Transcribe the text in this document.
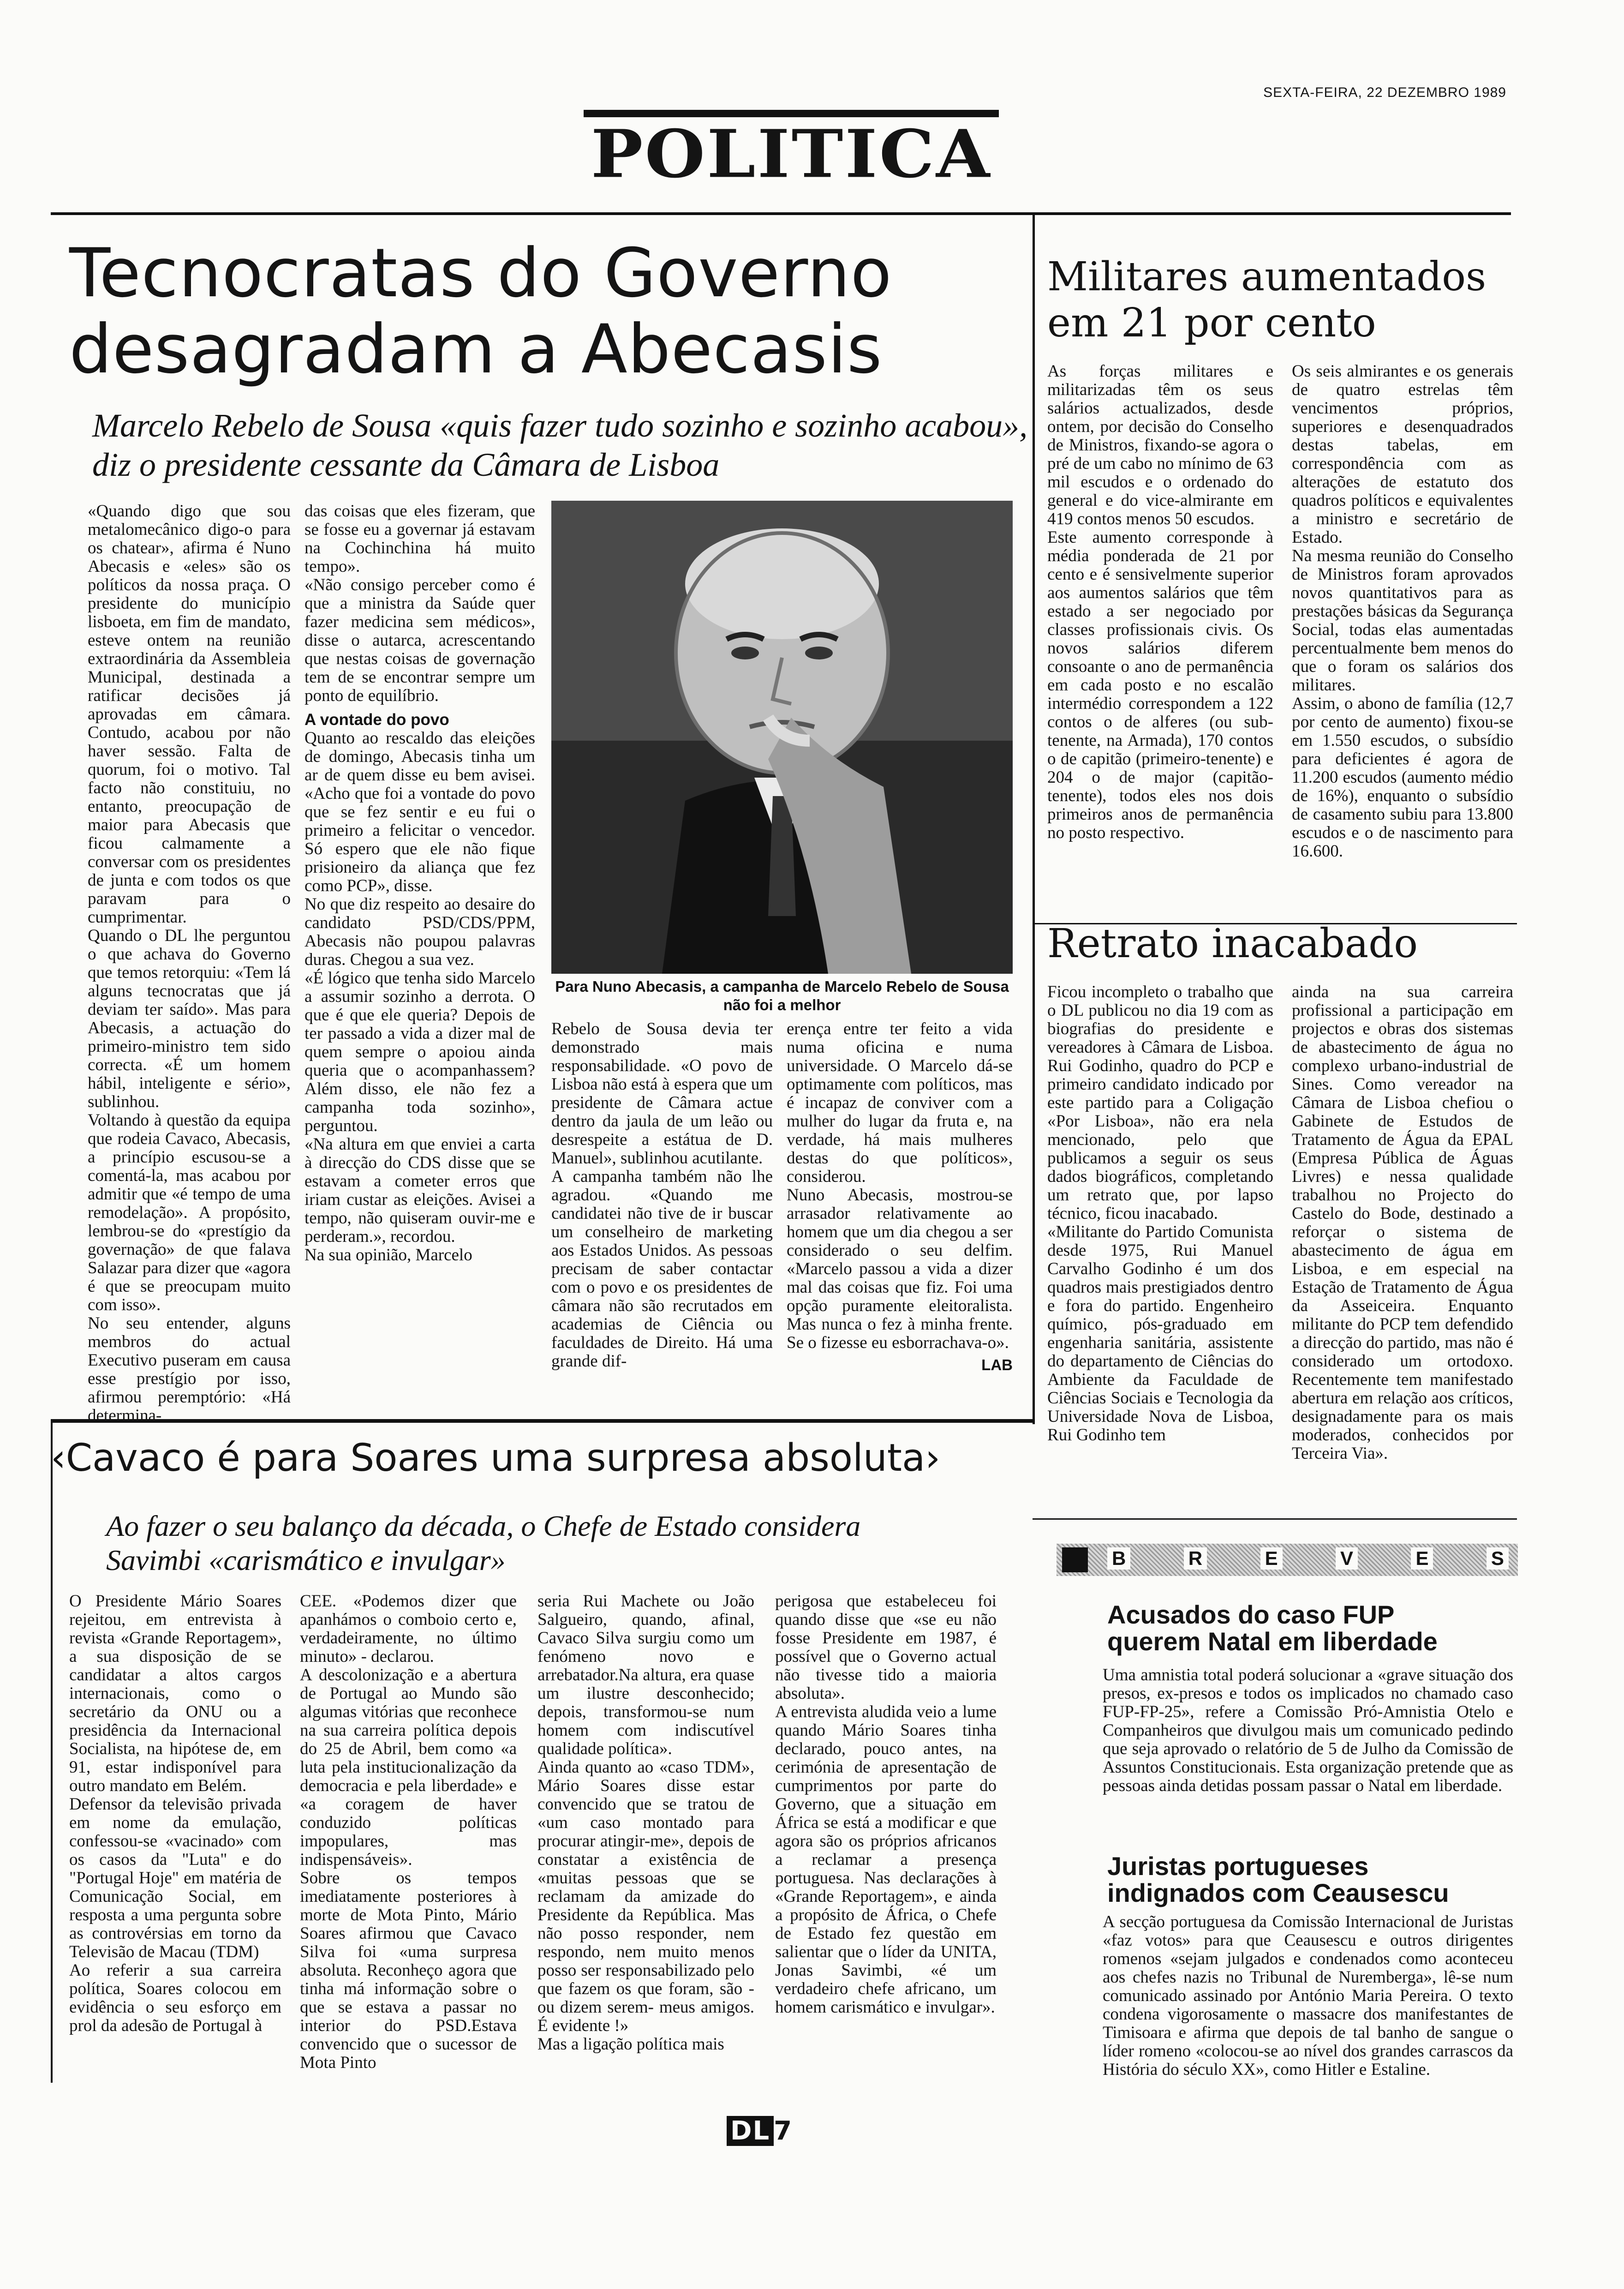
SEXTA-FEIRA, 22 DEZEMBRO 1989
POLITICA
Tecnocratas do Governo desagradam a Abecasis
Marcelo Rebelo de Sousa «quis fazer tudo sozinho e sozinho acabou», diz o presidente cessante da Câmara de Lisboa
«Quando digo que sou metalomecânico digo-o para os chatear», afirma é Nuno Abecasis e «eles» são os políticos da nossa praça. O presidente do município lisboeta, em fim de mandato, esteve ontem na reunião extraordinária da Assembleia Municipal, destinada a ratificar decisões já aprovadas em câmara. Contudo, acabou por não haver sessão. Falta de quorum, foi o motivo. Tal facto não constituiu, no entanto, preocupação de maior para Abecasis que ficou calmamente a conversar com os presidentes de junta e com todos os que paravam para o cumprimentar.
Quando o DL lhe perguntou o que achava do Governo que temos retorquiu: «Tem lá alguns tecnocratas que já deviam ter saído». Mas para Abecasis, a actuação do primeiro-ministro tem sido correcta. «É um homem hábil, inteligente e sério», sublinhou.
Voltando à questão da equipa que rodeia Cavaco, Abecasis, a princípio escusou-se a comentá-la, mas acabou por admitir que «é tempo de uma remodelação». A propósito, lembrou-se do «prestígio da governação» de que falava Salazar para dizer que «agora é que se preocupam muito com isso».
No seu entender, alguns membros do actual Executivo puseram em causa esse prestígio por isso, afirmou peremptório: «Há determina-
das coisas que eles fizeram, que se fosse eu a governar já estavam na Cochinchina há muito tempo».
«Não consigo perceber como é que a ministra da Saúde quer fazer medicina sem médicos», disse o autarca, acrescentando que nestas coisas de governação tem de se encontrar sempre um ponto de equilíbrio.
A vontade do povo
Quanto ao rescaldo das eleições de domingo, Abecasis tinha um ar de quem disse eu bem avisei. «Acho que foi a vontade do povo que se fez sentir e eu fui o primeiro a felicitar o vencedor. Só espero que ele não fique prisioneiro da aliança que fez como PCP», disse.
No que diz respeito ao desaire do candidato PSD/CDS/PPM, Abecasis não poupou palavras duras. Chegou a sua vez.
«É lógico que tenha sido Marcelo a assumir sozinho a derrota. O que é que ele queria? Depois de ter passado a vida a dizer mal de quem sempre o apoiou ainda queria que o acompanhassem? Além disso, ele não fez a campanha toda sozinho», perguntou.
«Na altura em que enviei a carta à direcção do CDS disse que se estavam a cometer erros que iriam custar as eleições. Avisei a tempo, não quiseram ouvir-me e perderam.», recordou.
Na sua opinião, Marcelo
Para Nuno Abecasis, a campanha de Marcelo Rebelo de Sousa não foi a melhor
Rebelo de Sousa devia ter demonstrado mais responsabilidade. «O povo de Lisboa não está à espera que um presidente de Câmara actue dentro da jaula de um leão ou desrespeite a estátua de D. Manuel», sublinhou acutilante.
A campanha também não lhe agradou. «Quando me candidatei não tive de ir buscar um conselheiro de marketing aos Estados Unidos. As pessoas precisam de saber contactar com o povo e os presidentes de câmara não são recrutados em academias de Ciência ou faculdades de Direito. Há uma grande dif-
erença entre ter feito a vida numa oficina e numa universidade. O Marcelo dá-se optimamente com políticos, mas é incapaz de conviver com a mulher do lugar da fruta e, na verdade, há mais mulheres destas do que políticos», considerou.
Nuno Abecasis, mostrou-se arrasador relativamente ao homem que um dia chegou a ser considerado o seu delfim. «Marcelo passou a vida a dizer mal das coisas que fiz. Foi uma opção puramente eleitoralista. Mas nunca o fez à minha frente. Se o fizesse eu esborrachava-o».
LAB
Militares aumentados em 21 por cento
As forças militares e militarizadas têm os seus salários actualizados, desde ontem, por decisão do Conselho de Ministros, fixando-se agora o pré de um cabo no mínimo de 63 mil escudos e o ordenado do general e do vice-almirante em 419 contos menos 50 escudos.
Este aumento corresponde à média ponderada de 21 por cento e é sensivelmente superior aos aumentos salários que têm estado a ser negociado por classes profissionais civis. Os novos salários diferem consoante o ano de permanência em cada posto e no escalão intermédio correspondem a 122 contos o de alferes (ou sub-tenente, na Armada), 170 contos o de capitão (primeiro-tenente) e 204 o de major (capitão-tenente), todos eles nos dois primeiros anos de permanência no posto respectivo.
Os seis almirantes e os generais de quatro estrelas têm vencimentos próprios, superiores e desenquadrados destas tabelas, em correspondência com as alterações de estatuto dos quadros políticos e equivalentes a ministro e secretário de Estado.
Na mesma reunião do Conselho de Ministros foram aprovados novos quantitativos para as prestações básicas da Segurança Social, todas elas aumentadas percentualmente bem menos do que o foram os salários dos militares.
Assim, o abono de família (12,7 por cento de aumento) fixou-se em 1.550 escudos, o subsídio para deficientes é agora de 11.200 escudos (aumento médio de 16%), enquanto o subsídio de casamento subiu para 13.800 escudos e o de nascimento para 16.600.
Retrato inacabado
Ficou incompleto o trabalho que o DL publicou no dia 19 com as biografias do presidente e vereadores à Câmara de Lisboa. Rui Godinho, quadro do PCP e primeiro candidato indicado por este partido para a Coligação «Por Lisboa», não era nela mencionado, pelo que publicamos a seguir os seus dados biográficos, completando um retrato que, por lapso técnico, ficou inacabado.
«Militante do Partido Comunista desde 1975, Rui Manuel Carvalho Godinho é um dos quadros mais prestigiados dentro e fora do partido. Engenheiro químico, pós-graduado em engenharia sanitária, assistente do departamento de Ciências do Ambiente da Faculdade de Ciências Sociais e Tecnologia da Universidade Nova de Lisboa, Rui Godinho tem
ainda na sua carreira profissional a participação em projectos e obras dos sistemas de abastecimento de água no complexo urbano-industrial de Sines. Como vereador na Câmara de Lisboa chefiou o Gabinete de Estudos de Tratamento de Água da EPAL (Empresa Pública de Águas Livres) e nessa qualidade trabalhou no Projecto do Castelo do Bode, destinado a reforçar o sistema de abastecimento de água em Lisboa, e em especial na Estação de Tratamento de Água da Asseiceira. Enquanto militante do PCP tem defendido a direcção do partido, mas não é considerado um ortodoxo. Recentemente tem manifestado abertura em relação aos críticos, designadamente para os mais moderados, conhecidos por Terceira Via».
‹Cavaco é para Soares uma surpresa absoluta›
Ao fazer o seu balanço da década, o Chefe de Estado considera Savimbi «carismático e invulgar»
O Presidente Mário Soares rejeitou, em entrevista à revista «Grande Reportagem», a sua disposição de se candidatar a altos cargos internacionais, como o secretário da ONU ou a presidência da Internacional Socialista, na hipótese de, em 91, estar indisponível para outro mandato em Belém.
Defensor da televisão privada em nome da emulação, confessou-se «vacinado» com os casos da "Luta" e do "Portugal Hoje" em matéria de Comunicação Social, em resposta a uma pergunta sobre as controvérsias em torno da Televisão de Macau (TDM)
Ao referir a sua carreira política, Soares colocou em evidência o seu esforço em prol da adesão de Portugal à
CEE. «Podemos dizer que apanhámos o comboio certo e, verdadeiramente, no último minuto» - declarou.
A descolonização e a abertura de Portugal ao Mundo são algumas vitórias que reconhece na sua carreira política depois do 25 de Abril, bem como «a luta pela institucionalização da democracia e pela liberdade» e «a coragem de haver conduzido políticas impopulares, mas indispensáveis».
Sobre os tempos imediatamente posteriores à morte de Mota Pinto, Mário Soares afirmou que Cavaco Silva foi «uma surpresa absoluta. Reconheço agora que tinha má informação sobre o que se estava a passar no interior do PSD.Estava convencido que o sucessor de Mota Pinto
seria Rui Machete ou João Salgueiro, quando, afinal, Cavaco Silva surgiu como um fenómeno novo e arrebatador.Na altura, era quase um ilustre desconhecido; depois, transformou-se num homem com indiscutível qualidade política».
Ainda quanto ao «caso TDM», Mário Soares disse estar convencido que se tratou de «um caso montado para procurar atingir-me», depois de constatar a existência de «muitas pessoas que se reclamam da amizade do Presidente da República. Mas não posso responder, nem respondo, nem muito menos posso ser responsabilizado pelo que fazem os que foram, são -ou dizem serem- meus amigos. É evidente !»
Mas a ligação política mais
perigosa que estabeleceu foi quando disse que «se eu não fosse Presidente em 1987, é possível que o Governo actual não tivesse tido a maioria absoluta».
A entrevista aludida veio a lume quando Mário Soares tinha declarado, pouco antes, na cerimónia de apresentação de cumprimentos por parte do Governo, que a situação em África se está a modificar e que agora são os próprios africanos a reclamar a presença portuguesa. Nas declarações à «Grande Reportagem», e ainda a propósito de África, o Chefe de Estado fez questão em salientar que o líder da UNITA, Jonas Savimbi, «é um verdadeiro chefe africano, um homem carismático e invulgar».
B	R	E	V	E	S
Acusados do caso FUP querem Natal em liberdade
Uma amnistia total poderá solucionar a «grave situação dos presos, ex-presos e todos os implicados no chamado caso FUP-FP-25», refere a Comissão Pró-Amnistia Otelo e Companheiros que divulgou mais um comunicado pedindo que seja aprovado o relatório de 5 de Julho da Comissão de Assuntos Constitucionais. Esta organização pretende que as pessoas ainda detidas possam passar o Natal em liberdade.
Juristas portugueses indignados com Ceausescu
A secção portuguesa da Comissão Internacional de Juristas «faz votos» para que Ceausescu e outros dirigentes romenos «sejam julgados e condenados como aconteceu aos chefes nazis no Tribunal de Nuremberga», lê-se num comunicado assinado por António Maria Pereira. O texto condena vigorosamente o massacre dos manifestantes de Timisoara e afirma que depois de tal banho de sangue o líder romeno «colocou-se ao nível dos grandes carrascos da História do século XX», como Hitler e Estaline.
DL 7
